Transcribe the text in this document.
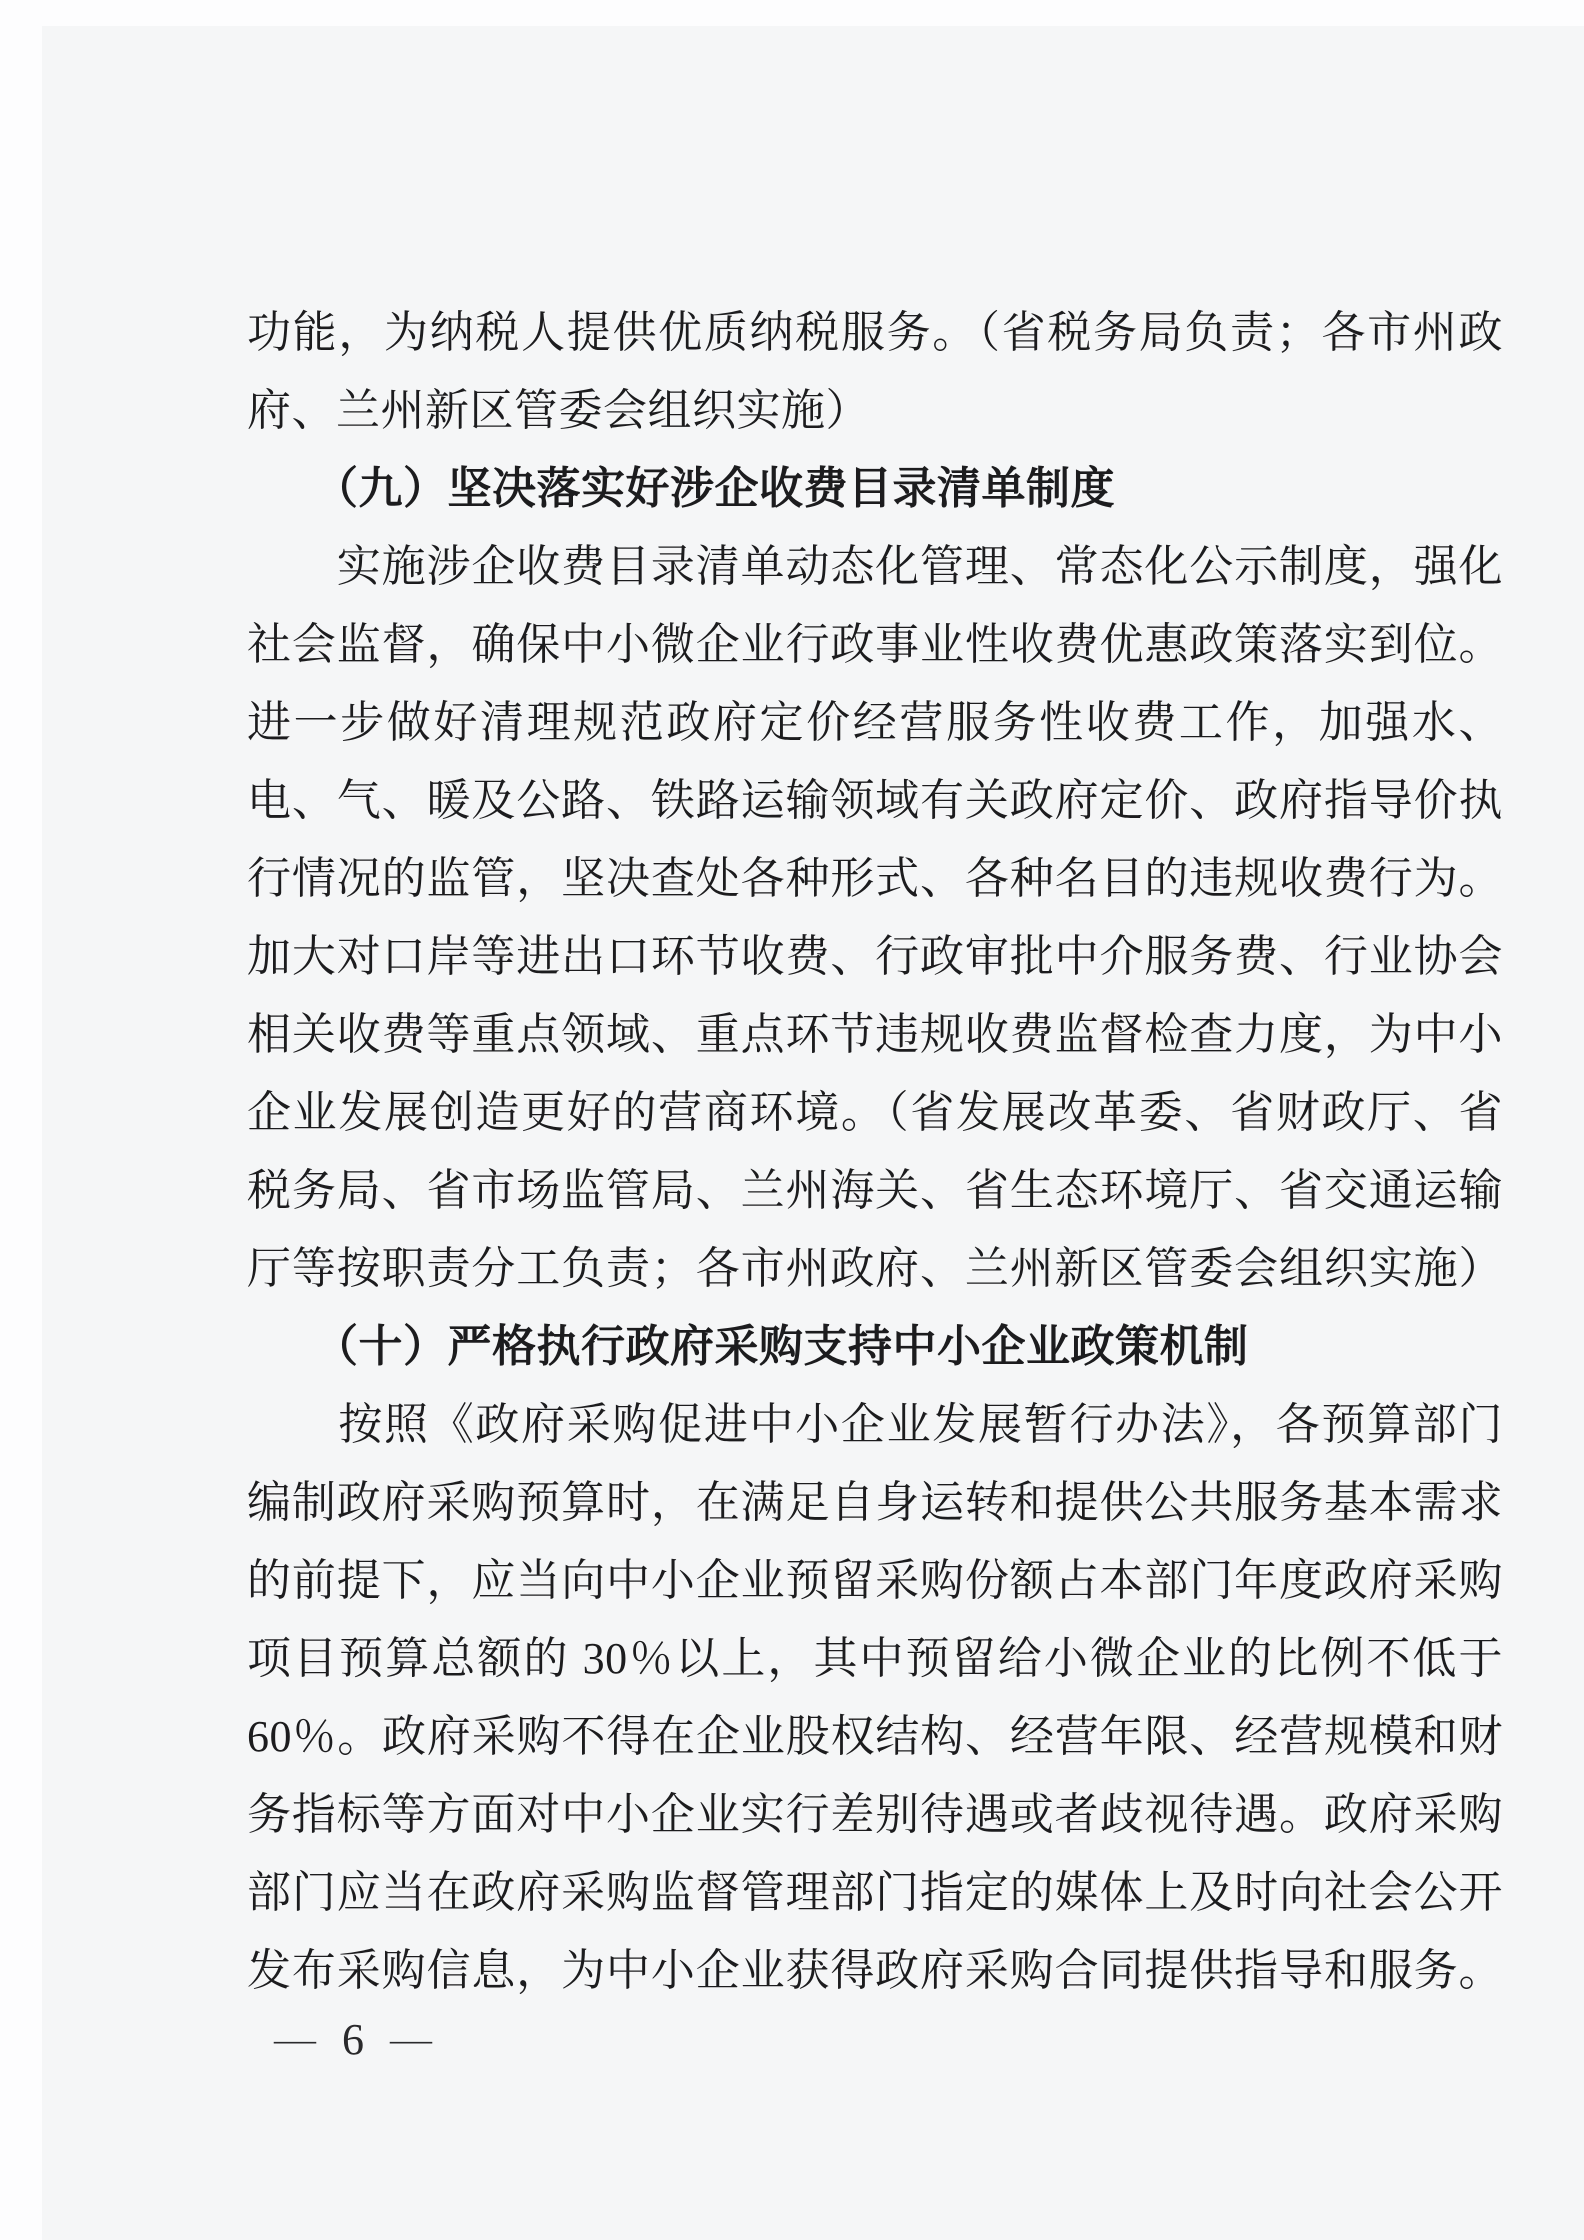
功能，为纳税人提供优质纳税服务。（省税务局负责；各市州政
府、兰州新区管委会组织实施）
　　（九）坚决落实好涉企收费目录清单制度
　　实施涉企收费目录清单动态化管理、常态化公示制度，强化
社会监督，确保中小微企业行政事业性收费优惠政策落实到位。
进一步做好清理规范政府定价经营服务性收费工作，加强水、
电、气、暖及公路、铁路运输领域有关政府定价、政府指导价执
行情况的监管，坚决查处各种形式、各种名目的违规收费行为。
加大对口岸等进出口环节收费、行政审批中介服务费、行业协会
相关收费等重点领域、重点环节违规收费监督检查力度，为中小
企业发展创造更好的营商环境。（省发展改革委、省财政厅、省
税务局、省市场监管局、兰州海关、省生态环境厅、省交通运输
厅等按职责分工负责；各市州政府、兰州新区管委会组织实施）
　　（十）严格执行政府采购支持中小企业政策机制
　　按照《政府采购促进中小企业发展暂行办法》，各预算部门
编制政府采购预算时，在满足自身运转和提供公共服务基本需求
的前提下，应当向中小企业预留采购份额占本部门年度政府采购
项目预算总额的 30％以上，其中预留给小微企业的比例不低于
60％。政府采购不得在企业股权结构、经营年限、经营规模和财
务指标等方面对中小企业实行差别待遇或者歧视待遇。政府采购
部门应当在政府采购监督管理部门指定的媒体上及时向社会公开
发布采购信息，为中小企业获得政府采购合同提供指导和服务。
— 6 —
